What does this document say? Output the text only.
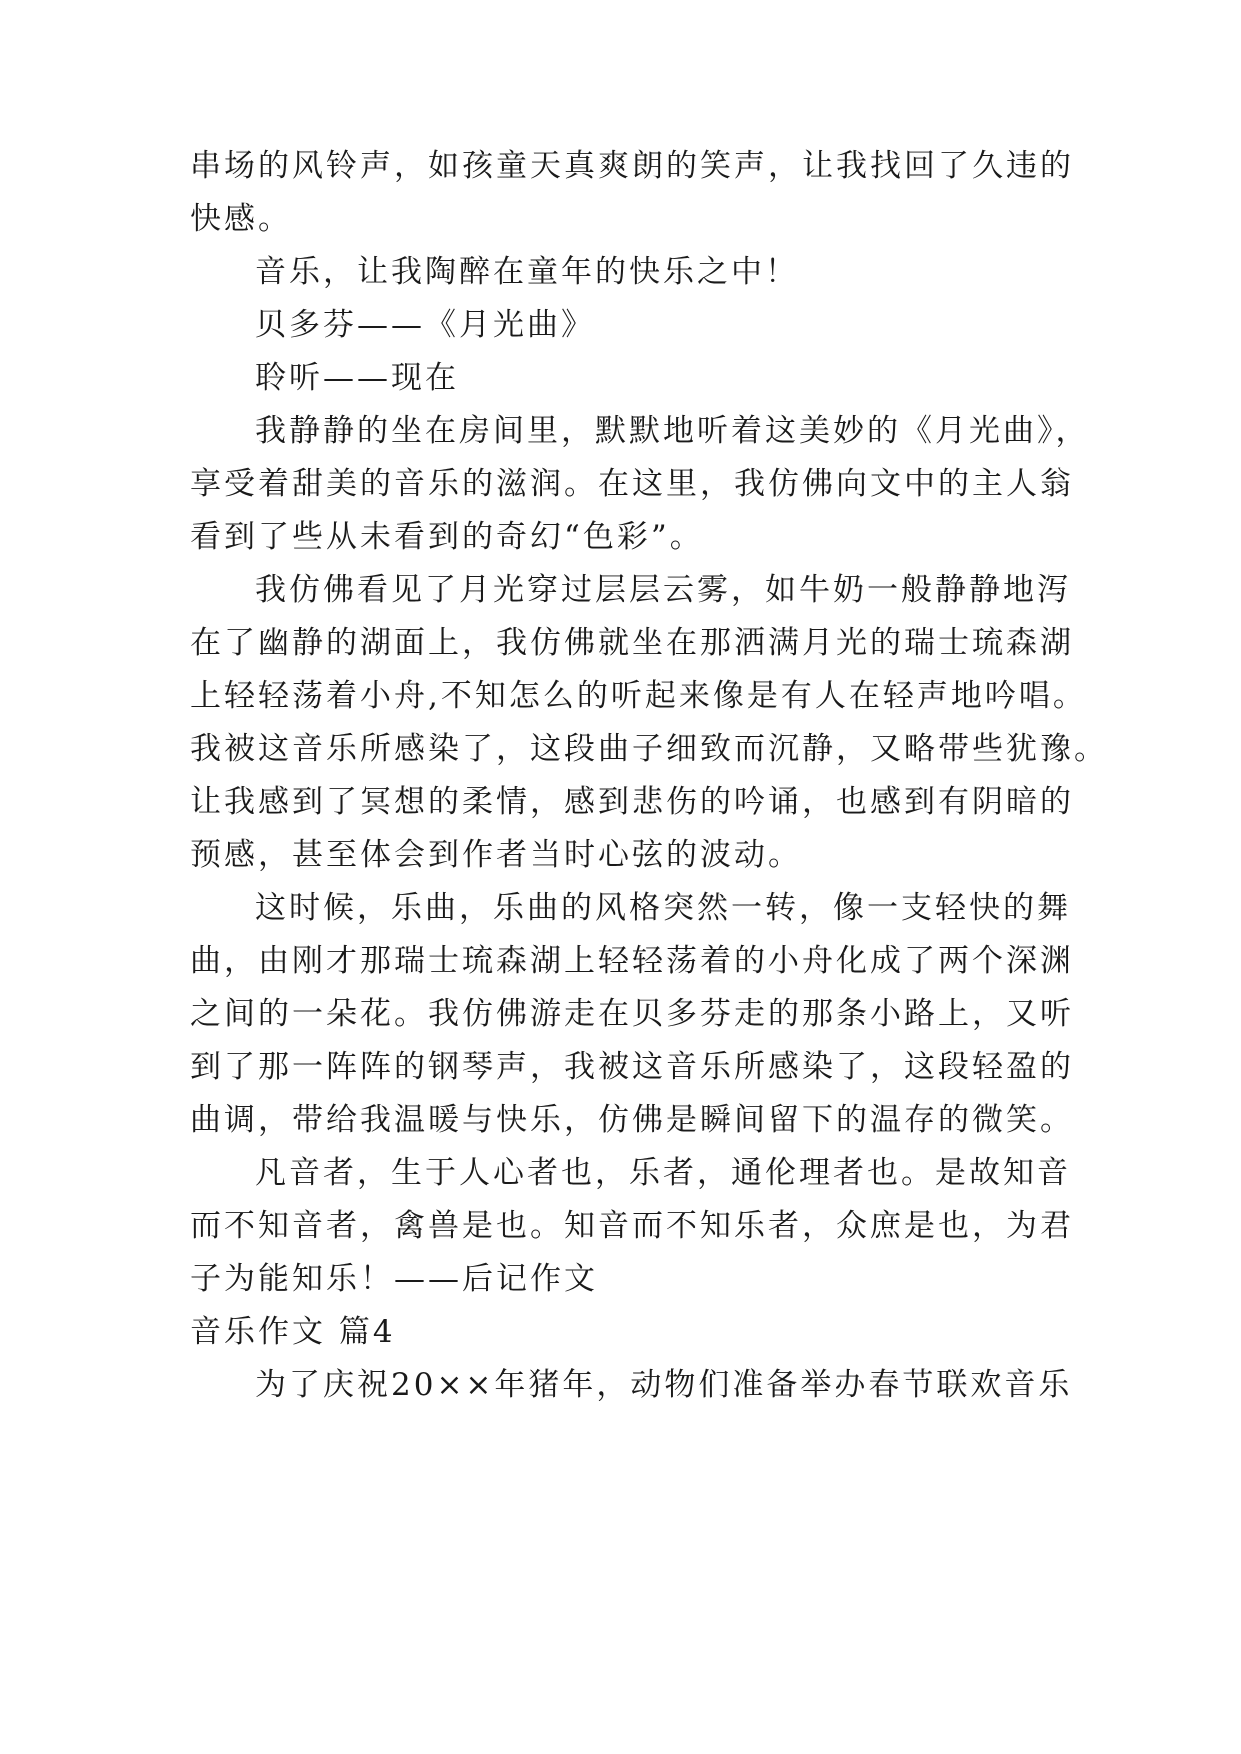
串场的风铃声，如孩童天真爽朗的笑声，让我找回了久违的

快感。

音乐，让我陶醉在童年的快乐之中！

贝多芬——《月光曲》

聆听——现在

我静静的坐在房间里，默默地听着这美妙的《月光曲》，

享受着甜美的音乐的滋润。在这里，我仿佛向文中的主人翁

看到了些从未看到的奇幻“色彩”。

我仿佛看见了月光穿过层层云雾，如牛奶一般静静地泻

在了幽静的湖面上，我仿佛就坐在那洒满月光的瑞士琉森湖

上轻轻荡着小舟,不知怎么的听起来像是有人在轻声地吟唱。

我被这音乐所感染了，这段曲子细致而沉静，又略带些犹豫。

让我感到了冥想的柔情，感到悲伤的吟诵，也感到有阴暗的

预感，甚至体会到作者当时心弦的波动。

这时候，乐曲，乐曲的风格突然一转，像一支轻快的舞

曲，由刚才那瑞士琉森湖上轻轻荡着的小舟化成了两个深渊

之间的一朵花。我仿佛游走在贝多芬走的那条小路上，又听

到了那一阵阵的钢琴声，我被这音乐所感染了，这段轻盈的

曲调，带给我温暖与快乐，仿佛是瞬间留下的温存的微笑。

凡音者，生于人心者也，乐者，通伦理者也。是故知音

而不知音者，禽兽是也。知音而不知乐者，众庶是也，为君

子为能知乐！——后记作文

音乐作文 篇4

为了庆祝20××年猪年，动物们准备举办春节联欢音乐
